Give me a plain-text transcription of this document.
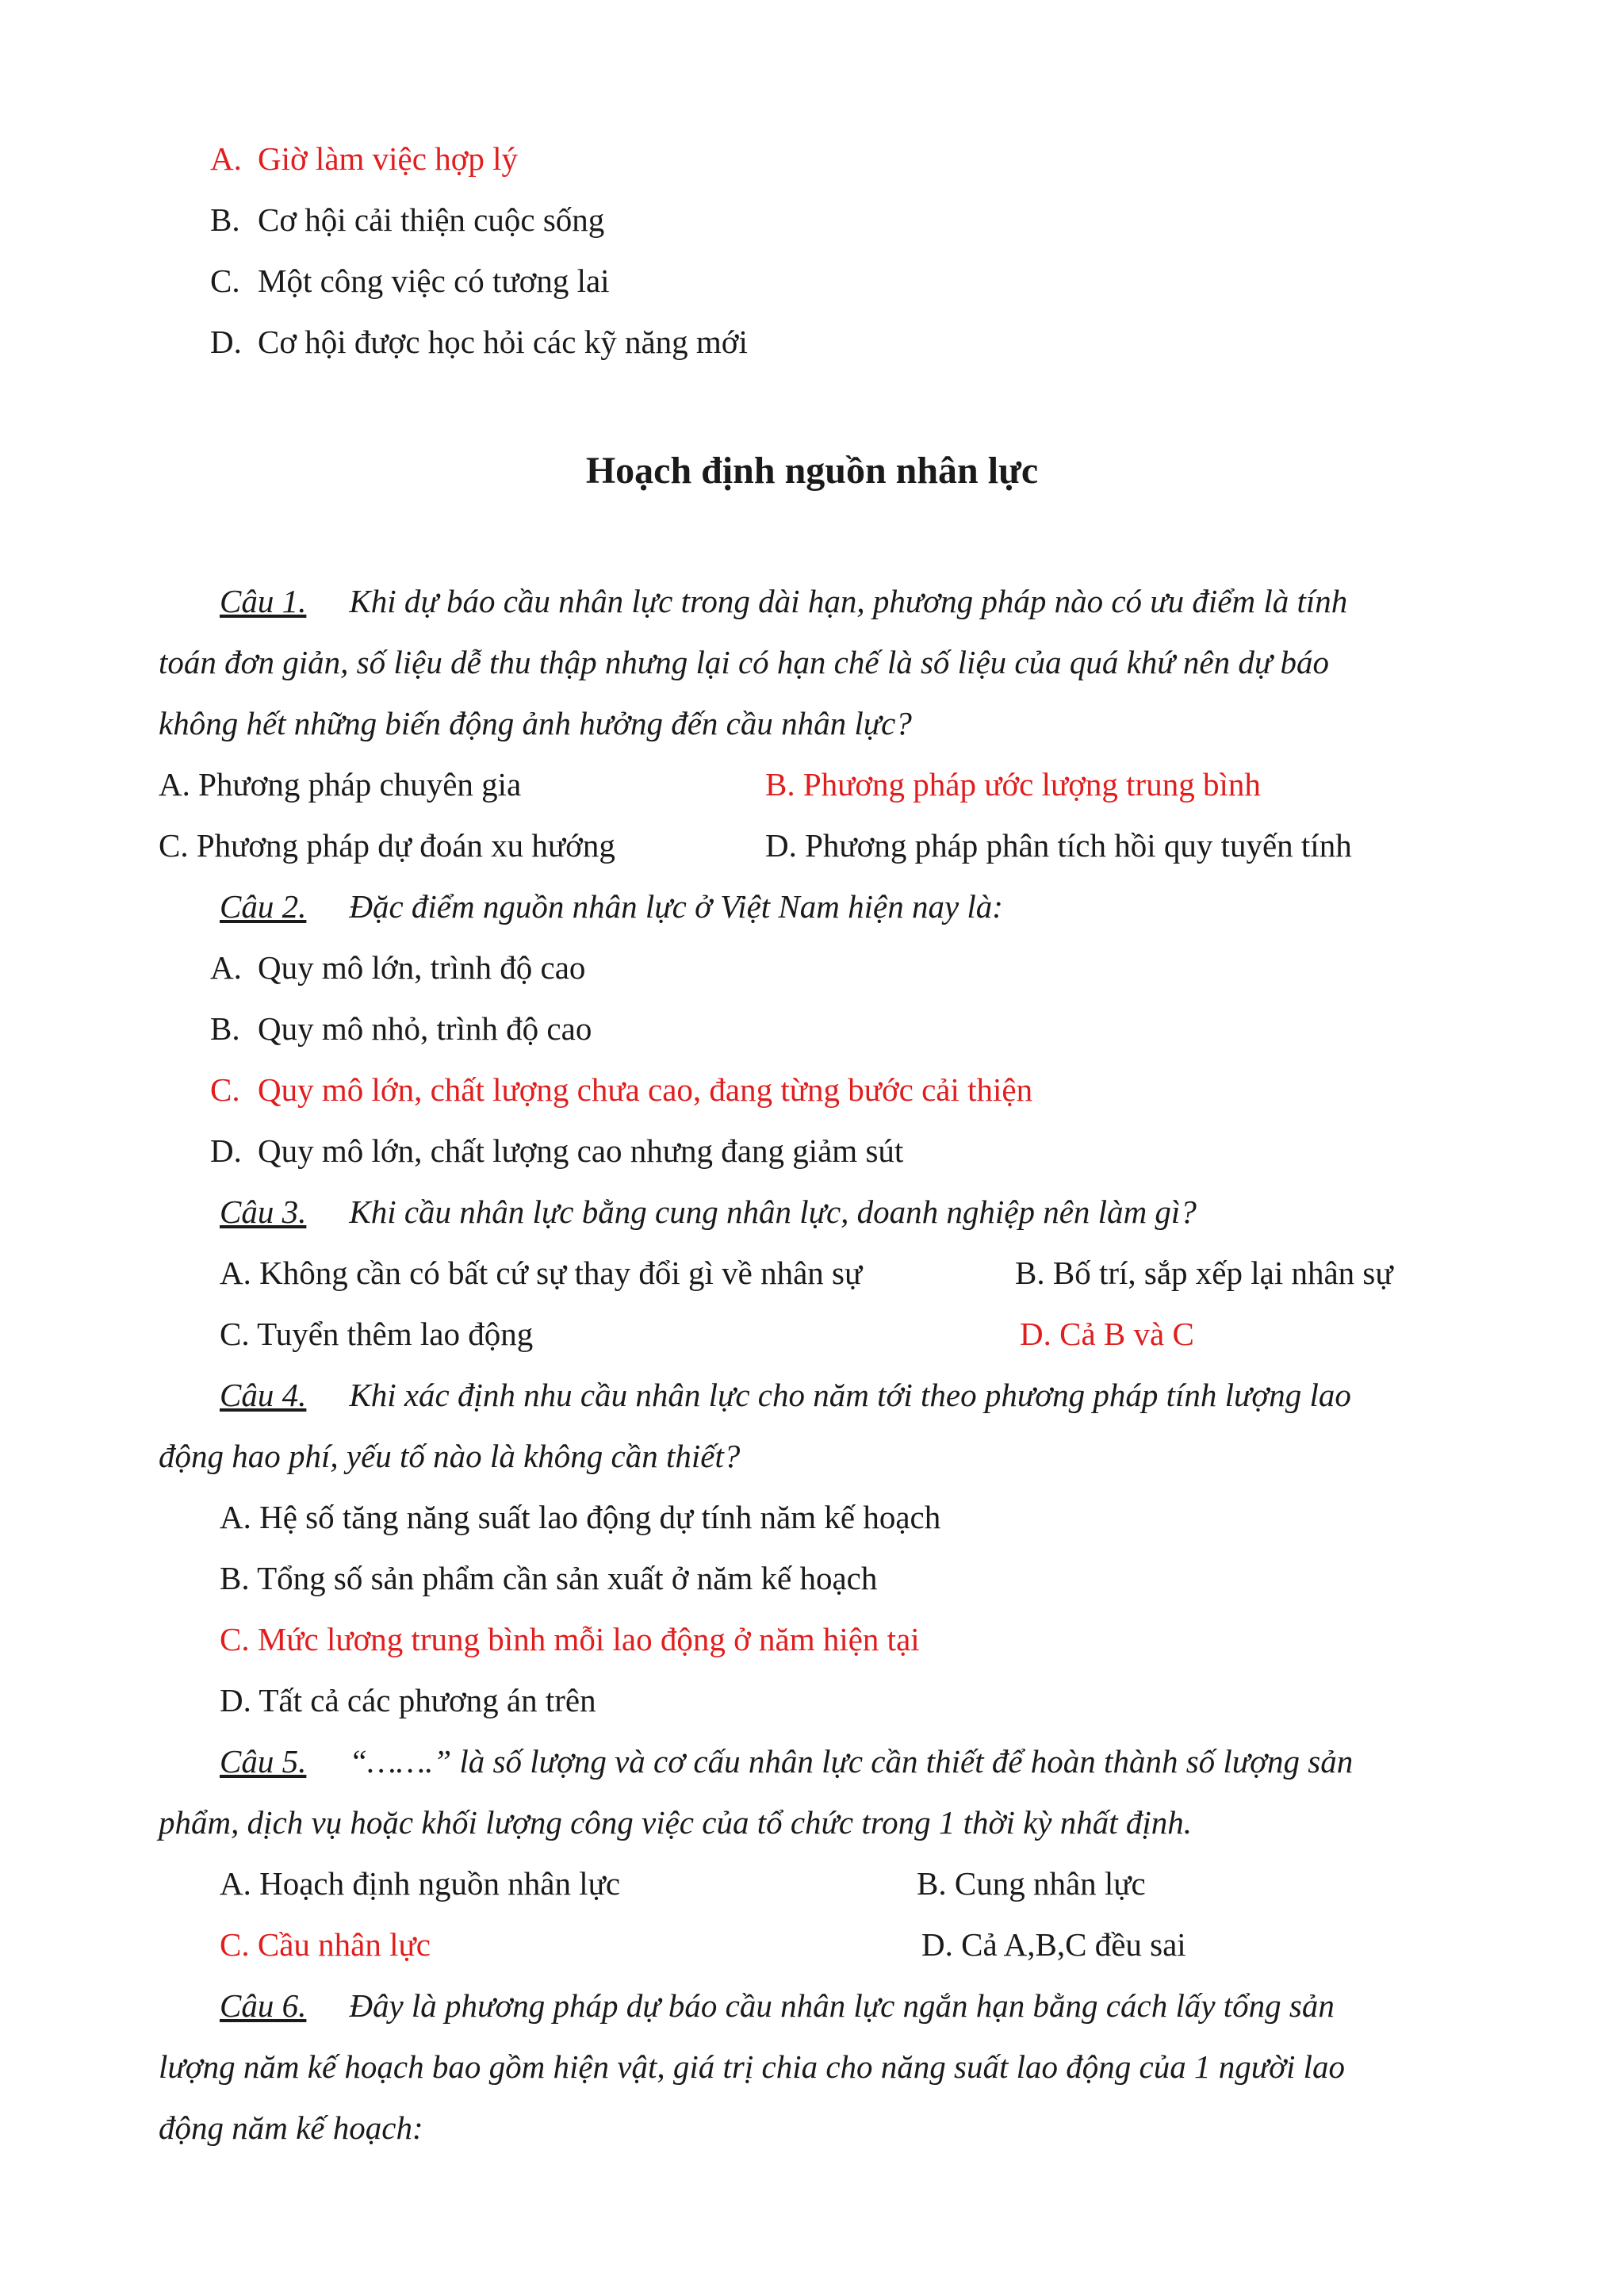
A. Giờ làm việc hợp lý
B. Cơ hội cải thiện cuộc sống
C. Một công việc có tương lai
D. Cơ hội được học hỏi các kỹ năng mới
Hoạch định nguồn nhân lực
Câu 1. Khi dự báo cầu nhân lực trong dài hạn, phương pháp nào có ưu điểm là tính
toán đơn giản, số liệu dễ thu thập nhưng lại có hạn chế là số liệu của quá khứ nên dự báo
không hết những biến động ảnh hưởng đến cầu nhân lực?
A. Phương pháp chuyên gia	B. Phương pháp ước lượng trung bình
C. Phương pháp dự đoán xu hướng	D. Phương pháp phân tích hồi quy tuyến tính
Câu 2. Đặc điểm nguồn nhân lực ở Việt Nam hiện nay là:
A. Quy mô lớn, trình độ cao
B. Quy mô nhỏ, trình độ cao
C. Quy mô lớn, chất lượng chưa cao, đang từng bước cải thiện
D. Quy mô lớn, chất lượng cao nhưng đang giảm sút
Câu 3. Khi cầu nhân lực bằng cung nhân lực, doanh nghiệp nên làm gì?
A. Không cần có bất cứ sự thay đổi gì về nhân sự	B. Bố trí, sắp xếp lại nhân sự
C. Tuyển thêm lao động	D. Cả B và C
Câu 4. Khi xác định nhu cầu nhân lực cho năm tới theo phương pháp tính lượng lao
động hao phí, yếu tố nào là không cần thiết?
A. Hệ số tăng năng suất lao động dự tính năm kế hoạch
B. Tổng số sản phẩm cần sản xuất ở năm kế hoạch
C. Mức lương trung bình mỗi lao động ở năm hiện tại
D. Tất cả các phương án trên
Câu 5. “…….” là số lượng và cơ cấu nhân lực cần thiết để hoàn thành số lượng sản
phẩm, dịch vụ hoặc khối lượng công việc của tổ chức trong 1 thời kỳ nhất định.
A. Hoạch định nguồn nhân lực	B. Cung nhân lực
C. Cầu nhân lực	D. Cả A,B,C đều sai
Câu 6. Đây là phương pháp dự báo cầu nhân lực ngắn hạn bằng cách lấy tổng sản
lượng năm kế hoạch bao gồm hiện vật, giá trị chia cho năng suất lao động của 1 người lao
động năm kế hoạch:
